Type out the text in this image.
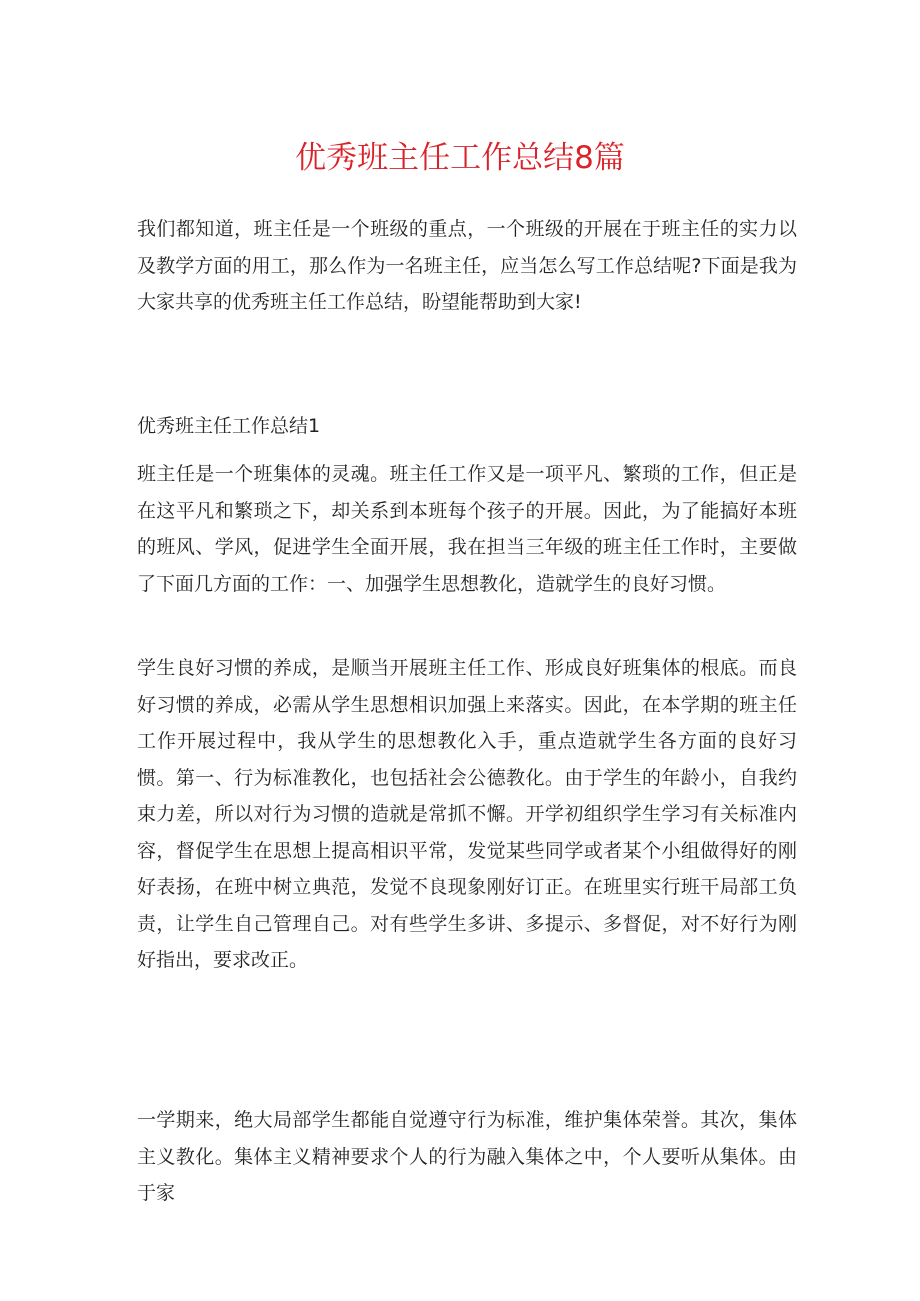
优秀班主任工作总结8篇

我们都知道，班主任是一个班级的重点，一个班级的开展在于班主任的实力以及教学方面的用工，那么作为一名班主任，应当怎么写工作总结呢?下面是我为大家共享的优秀班主任工作总结，盼望能帮助到大家!

优秀班主任工作总结1

班主任是一个班集体的灵魂。班主任工作又是一项平凡、繁琐的工作，但正是在这平凡和繁琐之下，却关系到本班每个孩子的开展。因此，为了能搞好本班的班风、学风，促进学生全面开展，我在担当三年级的班主任工作时，主要做了下面几方面的工作：一、加强学生思想教化，造就学生的良好习惯。

学生良好习惯的养成，是顺当开展班主任工作、形成良好班集体的根底。而良好习惯的养成，必需从学生思想相识加强上来落实。因此，在本学期的班主任工作开展过程中，我从学生的思想教化入手，重点造就学生各方面的良好习惯。第一、行为标准教化，也包括社会公德教化。由于学生的年龄小，自我约束力差，所以对行为习惯的造就是常抓不懈。开学初组织学生学习有关标准内容，督促学生在思想上提高相识平常，发觉某些同学或者某个小组做得好的刚好表扬，在班中树立典范，发觉不良现象刚好订正。在班里实行班干局部工负责，让学生自己管理自己。对有些学生多讲、多提示、多督促，对不好行为刚好指出，要求改正。

一学期来，绝大局部学生都能自觉遵守行为标准，维护集体荣誉。其次，集体主义教化。集体主义精神要求个人的行为融入集体之中，个人要听从集体。由于家
